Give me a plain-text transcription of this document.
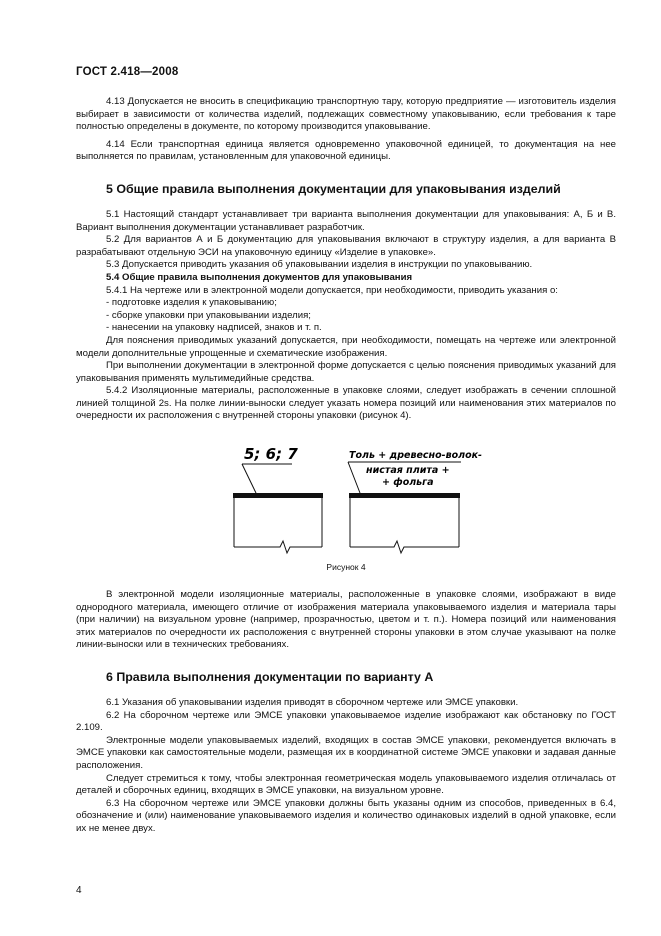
ГОСТ 2.418—2008

4.13 Допускается не вносить в спецификацию транспортную тару, которую предприятие — изготовитель изделия выбирает в зависимости от количества изделий, подлежащих совместному упаковыванию, если требования к таре полностью определены в документе, по которому производится упаковывание.

4.14 Если транспортная единица является одновременно упаковочной единицей, то документация на нее выполняется по правилам, установленным для упаковочной единицы.

5 Общие правила выполнения документации для упаковывания изделий

5.1 Настоящий стандарт устанавливает три варианта выполнения документации для упаковывания: А, Б и В. Вариант выполнения документации устанавливает разработчик.

5.2 Для вариантов А и Б документацию для упаковывания включают в структуру изделия, а для варианта В разрабатывают отдельную ЭСИ на упаковочную единицу «Изделие в упаковке».

5.3 Допускается приводить указания об упаковывании изделия в инструкции по упаковыванию.

5.4 Общие правила выполнения документов для упаковывания

5.4.1 На чертеже или в электронной модели допускается, при необходимости, приводить указания о:

- подготовке изделия к упаковыванию;
- сборке упаковки при упаковывании изделия;
- нанесении на упаковку надписей, знаков и т. п.

Для пояснения приводимых указаний допускается, при необходимости, помещать на чертеже или электронной модели дополнительные упрощенные и схематические изображения.

При выполнении документации в электронной форме допускается с целью пояснения приводимых указаний для упаковывания применять мультимедийные средства.

5.4.2 Изоляционные материалы, расположенные в упаковке слоями, следует изображать в сечении сплошной линией толщиной 2s. На полке линии-выноски следует указать номера позиций или наименования этих материалов по очередности их расположения с внутренней стороны упаковки (рисунок 4).

5; 6; 7	Толь + древесно-волок-
нистая плита +
+ фольга
Рисунок 4

В электронной модели изоляционные материалы, расположенные в упаковке слоями, изображают в виде однородного материала, имеющего отличие от изображения материала упаковываемого изделия и материала тары (при наличии) на визуальном уровне (например, прозрачностью, цветом и т. п.). Номера позиций или наименования этих материалов по очередности их расположения с внутренней стороны упаковки в этом случае указывают на полке линии-выноски или в технических требованиях.

6 Правила выполнения документации по варианту А

6.1 Указания об упаковывании изделия приводят в сборочном чертеже или ЭМСЕ упаковки.

6.2 На сборочном чертеже или ЭМСЕ упаковки упаковываемое изделие изображают как обстановку по ГОСТ 2.109.

Электронные модели упаковываемых изделий, входящих в состав ЭМСЕ упаковки, рекомендуется включать в ЭМСЕ упаковки как самостоятельные модели, размещая их в координатной системе ЭМСЕ упаковки и задавая данные расположения.

Следует стремиться к тому, чтобы электронная геометрическая модель упаковываемого изделия отличалась от деталей и сборочных единиц, входящих в ЭМСЕ упаковки, на визуальном уровне.

6.3 На сборочном чертеже или ЭМСЕ упаковки должны быть указаны одним из способов, приведенных в 6.4, обозначение и (или) наименование упаковываемого изделия и количество одинаковых изделий в одной упаковке, если их не менее двух.

4
